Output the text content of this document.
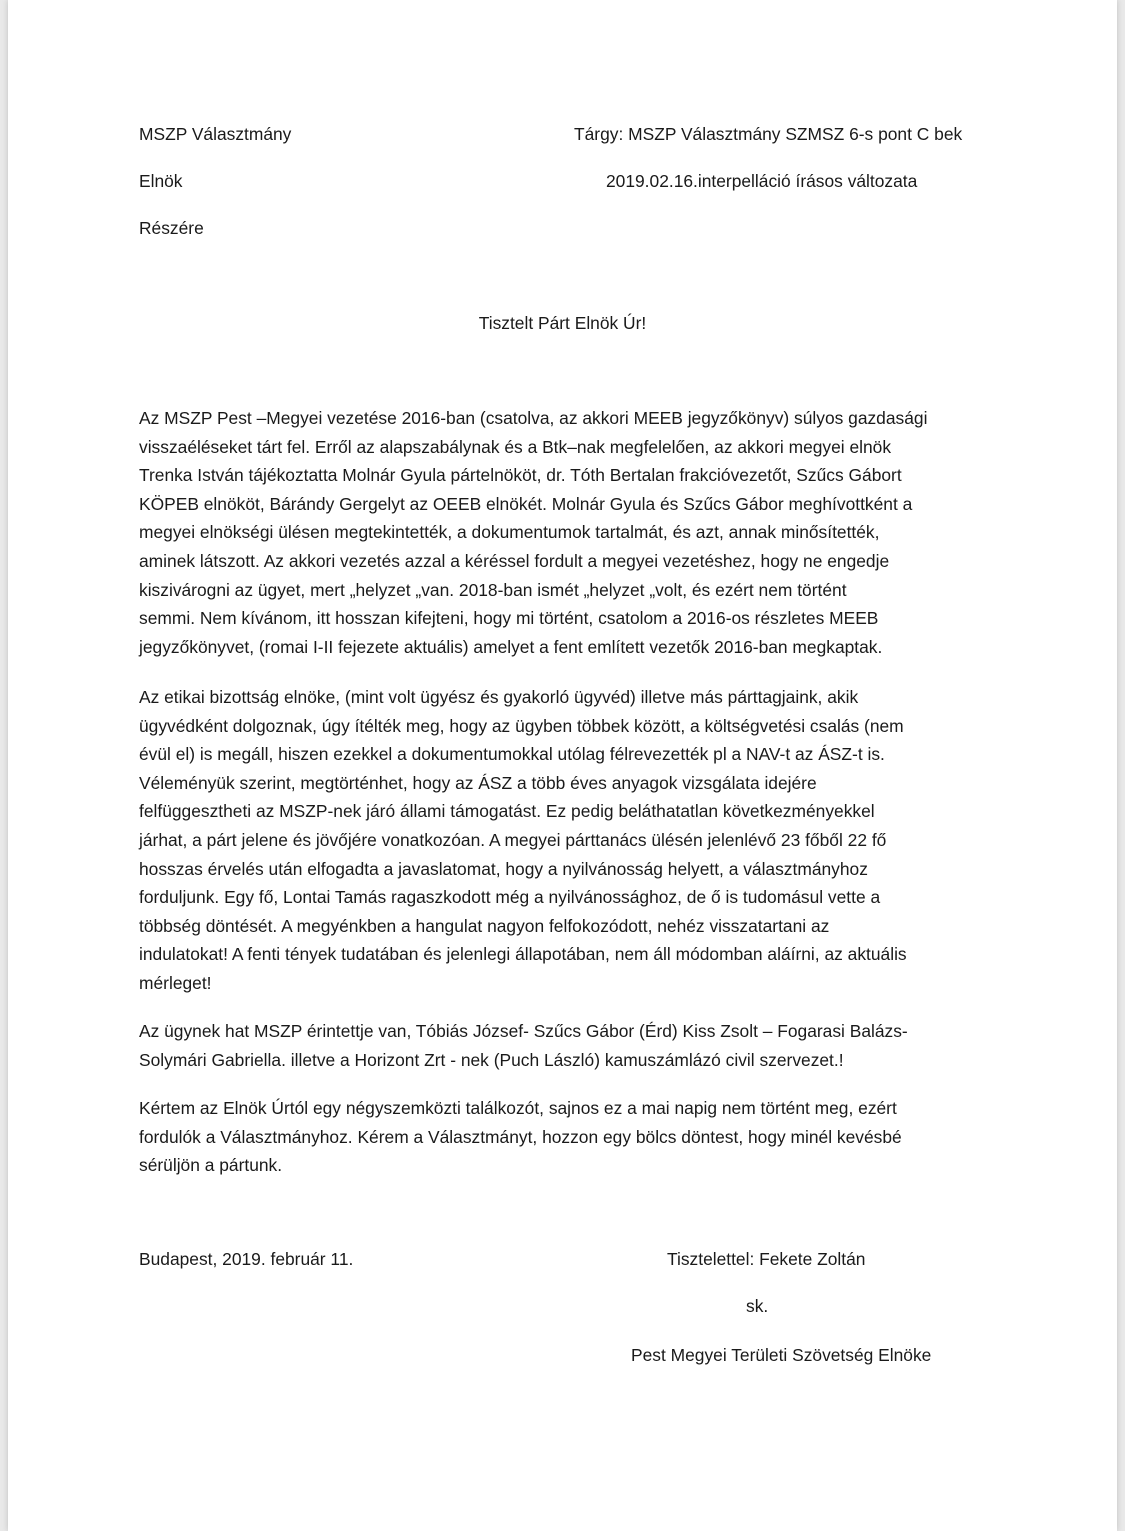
MSZP Választmány	Tárgy: MSZP Választmány SZMSZ 6-s pont C bek
Elnök	2019.02.16.interpelláció írásos változata
Részére
Tisztelt Párt Elnök Úr!
Az MSZP Pest –Megyei vezetése 2016-ban (csatolva, az akkori MEEB jegyzőkönyv) súlyos gazdasági
visszaéléseket tárt fel. Erről az alapszabálynak és a Btk–nak megfelelően, az akkori megyei elnök
Trenka István tájékoztatta Molnár Gyula pártelnököt, dr. Tóth Bertalan frakcióvezetőt, Szűcs Gábort
KÖPEB elnököt, Bárándy Gergelyt az OEEB elnökét. Molnár Gyula és Szűcs Gábor meghívottként a
megyei elnökségi ülésen megtekintették, a dokumentumok tartalmát, és azt, annak minősítették,
aminek látszott. Az akkori vezetés azzal a kéréssel fordult a megyei vezetéshez, hogy ne engedje
kiszivárogni az ügyet, mert „helyzet „van. 2018-ban ismét „helyzet „volt, és ezért nem történt
semmi. Nem kívánom, itt hosszan kifejteni, hogy mi történt, csatolom a 2016-os részletes MEEB
jegyzőkönyvet, (romai I-II fejezete aktuális) amelyet a fent említett vezetők 2016-ban megkaptak.
Az etikai bizottság elnöke, (mint volt ügyész és gyakorló ügyvéd) illetve más párttagjaink, akik
ügyvédként dolgoznak, úgy ítélték meg, hogy az ügyben többek között, a költségvetési csalás (nem
évül el) is megáll, hiszen ezekkel a dokumentumokkal utólag félrevezették pl a NAV-t az ÁSZ-t is.
Véleményük szerint, megtörténhet, hogy az ÁSZ a több éves anyagok vizsgálata idejére
felfüggesztheti az MSZP-nek járó állami támogatást. Ez pedig beláthatatlan következményekkel
járhat, a párt jelene és jövőjére vonatkozóan. A megyei párttanács ülésén jelenlévő 23 főből 22 fő
hosszas érvelés után elfogadta a javaslatomat, hogy a nyilvánosság helyett, a választmányhoz
forduljunk. Egy fő, Lontai Tamás ragaszkodott még a nyilvánossághoz, de ő is tudomásul vette a
többség döntését. A megyénkben a hangulat nagyon felfokozódott, nehéz visszatartani az
indulatokat! A fenti tények tudatában és jelenlegi állapotában, nem áll módomban aláírni, az aktuális
mérleget!
Az ügynek hat MSZP érintettje van, Tóbiás József- Szűcs Gábor (Érd) Kiss Zsolt – Fogarasi Balázs-
Solymári Gabriella. illetve a Horizont Zrt - nek (Puch László) kamuszámlázó civil szervezet.!
Kértem az Elnök Úrtól egy négyszemközti találkozót, sajnos ez a mai napig nem történt meg, ezért
fordulók a Választmányhoz. Kérem a Választmányt, hozzon egy bölcs döntest, hogy minél kevésbé
sérüljön a pártunk.
Budapest, 2019. február 11.	Tisztelettel: Fekete Zoltán
sk.
Pest Megyei Területi Szövetség Elnöke
